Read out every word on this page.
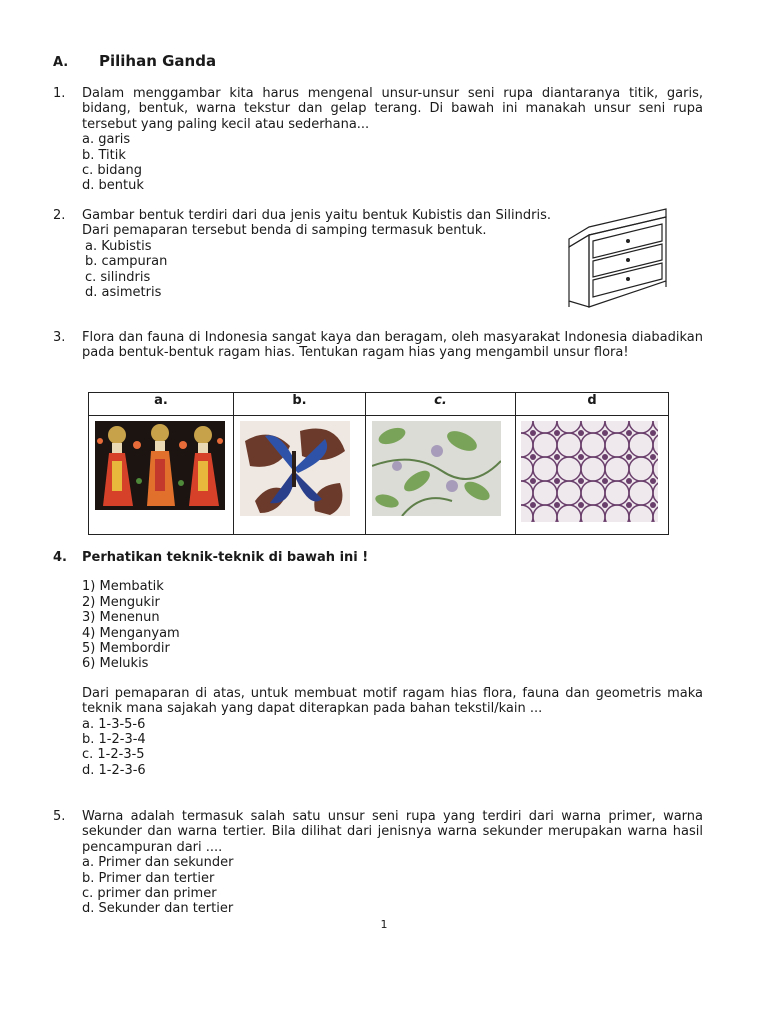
A. Pilihan Ganda
1.	Dalam menggambar kita harus mengenal unsur-unsur seni rupa diantaranya titik, garis, bidang, bentuk, warna tekstur dan gelap terang. Di bawah ini manakah unsur seni rupa tersebut yang paling kecil atau sederhana...
a. garis
b. Titik
c. bidang
d. bentuk
2.	Gambar bentuk terdiri dari dua jenis yaitu bentuk Kubistis dan Silindris. Dari pemaparan tersebut benda di samping termasuk bentuk.
a. Kubistis
b. campuran
c. silindris
d. asimetris
3.	Flora dan fauna di Indonesia sangat kaya dan beragam, oleh masyarakat Indonesia diabadikan pada bentuk-bentuk ragam hias. Tentukan ragam hias yang mengambil unsur flora!
a.	b.	c.	d

4.	Perhatikan teknik-teknik di bawah ini !
1) Membatik
2) Mengukir
3) Menenun
4) Menganyam
5) Membordir
6) Melukis
Dari pemaparan di atas, untuk membuat motif ragam hias flora, fauna dan geometris maka teknik mana sajakah yang dapat diterapkan pada bahan tekstil/kain ...
a. 1-3-5-6
b. 1-2-3-4
c. 1-2-3-5
d. 1-2-3-6
5.	Warna adalah termasuk salah satu unsur seni rupa yang terdiri dari warna primer, warna sekunder dan warna tertier. Bila dilihat dari jenisnya warna sekunder merupakan warna hasil pencampuran dari ....
a. Primer dan sekunder
b. Primer dan tertier
c. primer dan primer
d. Sekunder dan tertier
1
